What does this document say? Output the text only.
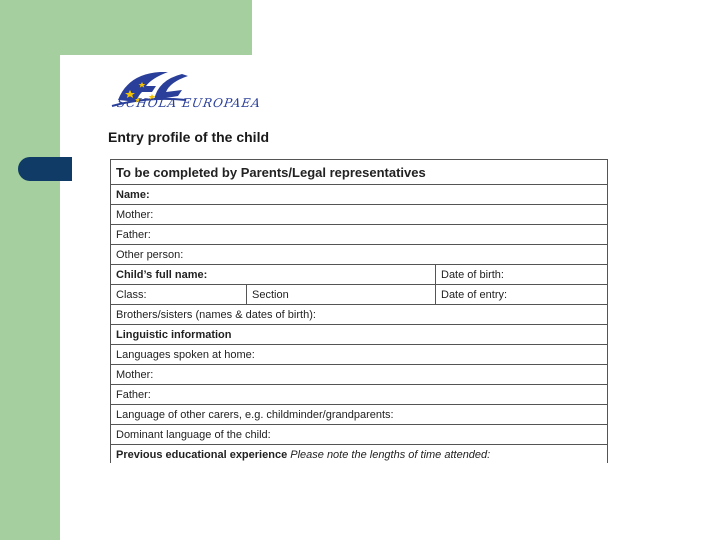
SCHOLA EUROPAEA
Entry profile of the child
To be completed by Parents/Legal representatives		
Name:		
Mother:		
Father:		
Other person:		
Child’s full name:		Date of birth:
Class:	Section	Date of entry:
Brothers/sisters (names & dates of birth):		
Linguistic information		
Languages spoken at home:		
Mother:		
Father:		
Language of other carers, e.g. childminder/grandparents:		
Dominant language of the child:		
Previous educational experience Please note the lengths of time attended:		
